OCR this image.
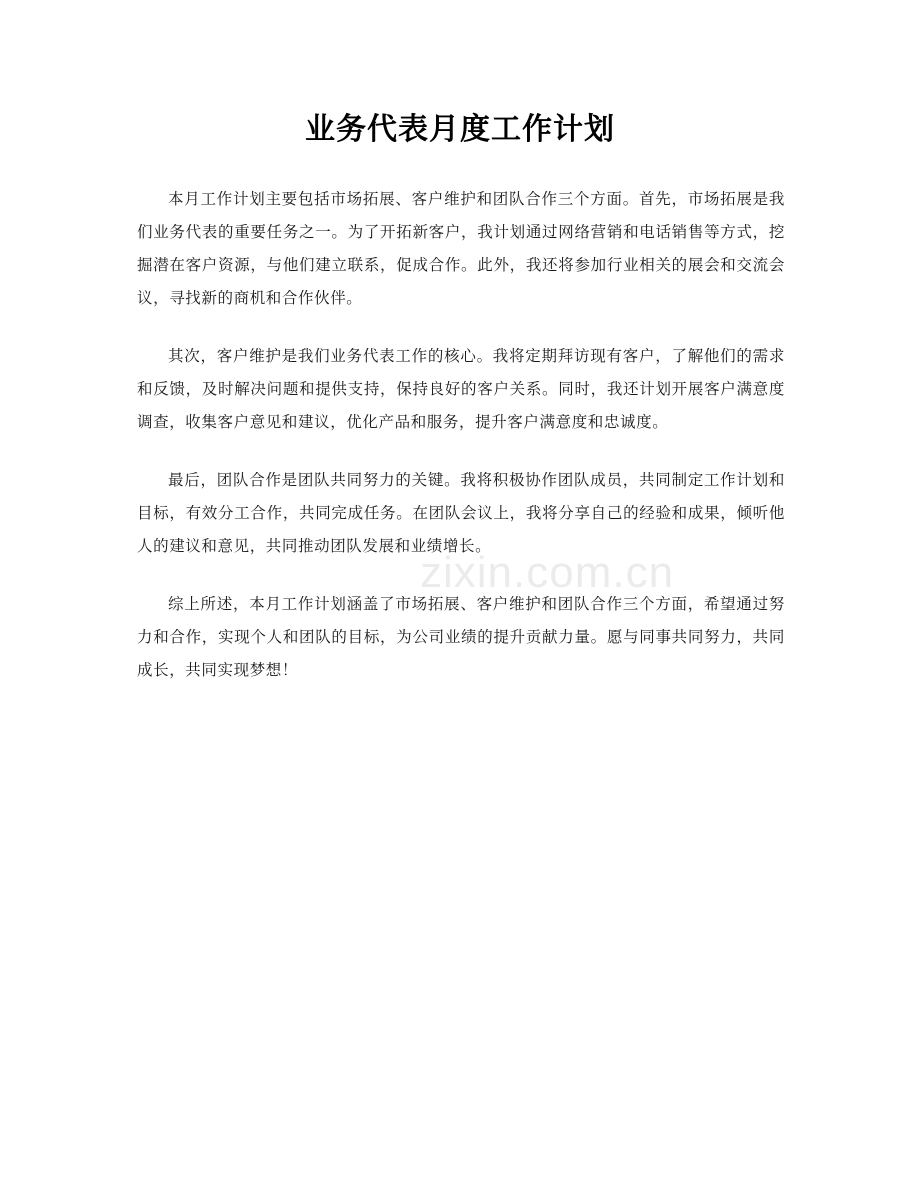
业务代表月度工作计划

本月工作计划主要包括市场拓展、客户维护和团队合作三个方面。首先，市场拓展是我们业务代表的重要任务之一。为了开拓新客户，我计划通过网络营销和电话销售等方式，挖掘潜在客户资源，与他们建立联系，促成合作。此外，我还将参加行业相关的展会和交流会议，寻找新的商机和合作伙伴。

其次，客户维护是我们业务代表工作的核心。我将定期拜访现有客户，了解他们的需求和反馈，及时解决问题和提供支持，保持良好的客户关系。同时，我还计划开展客户满意度调查，收集客户意见和建议，优化产品和服务，提升客户满意度和忠诚度。

最后，团队合作是团队共同努力的关键。我将积极协作团队成员，共同制定工作计划和目标，有效分工合作，共同完成任务。在团队会议上，我将分享自己的经验和成果，倾听他人的建议和意见，共同推动团队发展和业绩增长。

综上所述，本月工作计划涵盖了市场拓展、客户维护和团队合作三个方面，希望通过努力和合作，实现个人和团队的目标，为公司业绩的提升贡献力量。愿与同事共同努力，共同成长，共同实现梦想！

zixin.com.cn
